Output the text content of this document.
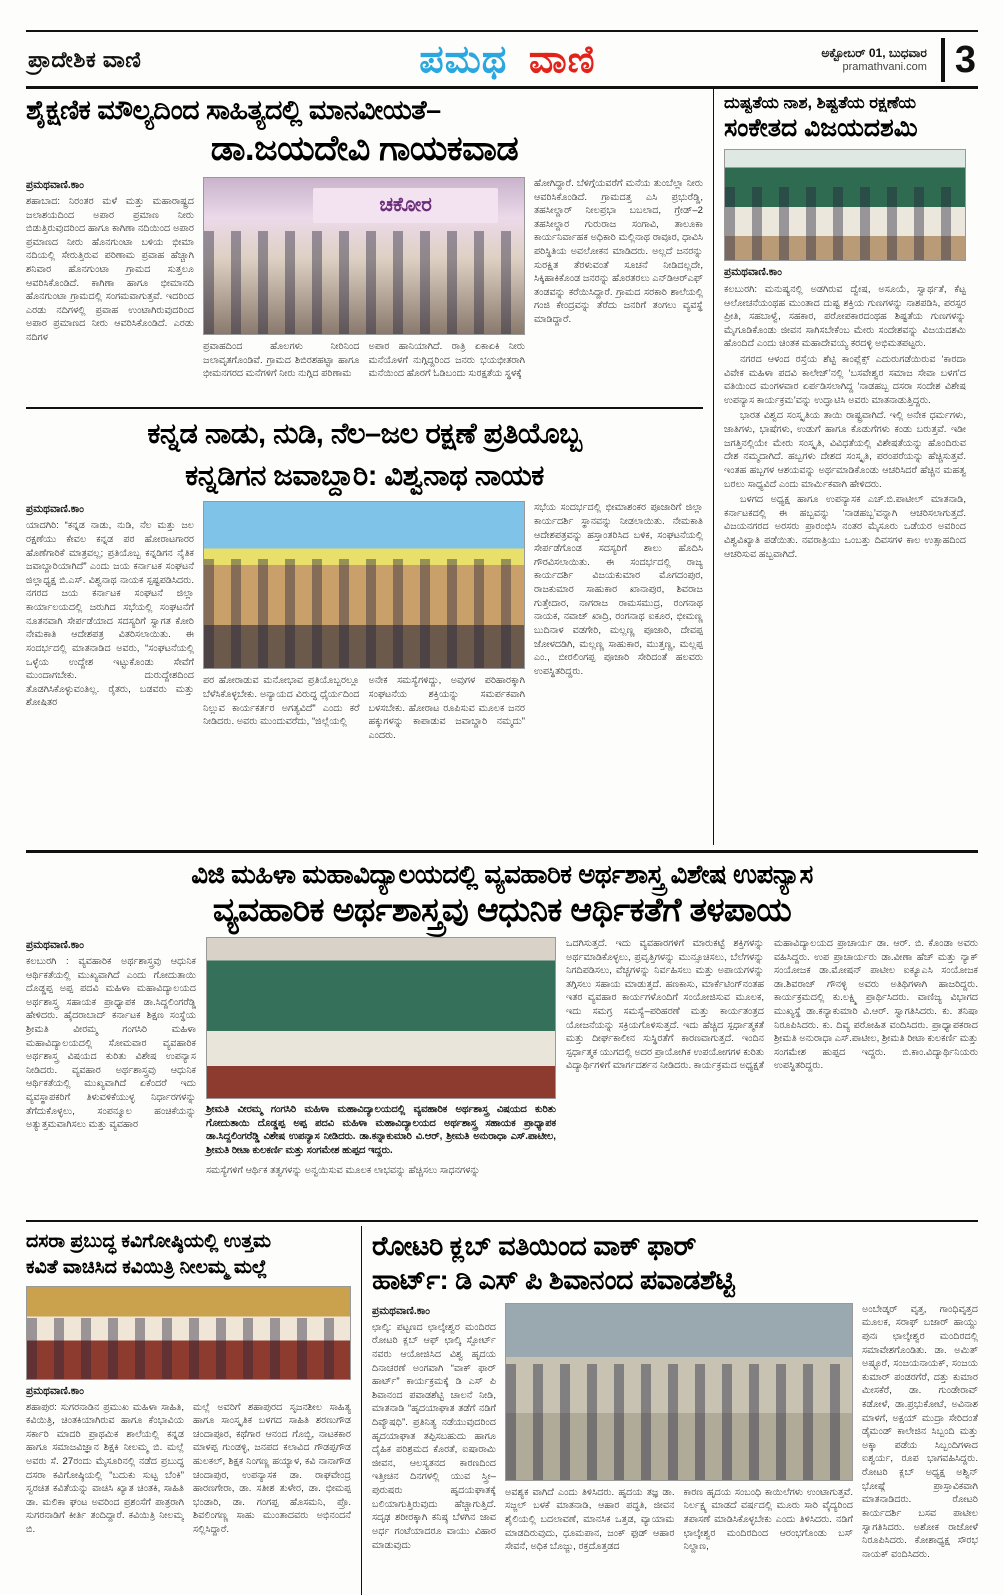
ಪ್ರಾದೇಶಿಕ ವಾಣಿ	ಪಮಥ ವಾಣಿ	ಅಕ್ಟೋಬರ್ 01, ಬುಧವಾರ
pramathvani.com 3
ಶೈಕ್ಷಣಿಕ ಮೌಲ್ಯದಿಂದ ಸಾಹಿತ್ಯದಲ್ಲಿ ಮಾನವೀಯತೆ–
ಡಾ.ಜಯದೇವಿ ಗಾಯಕವಾಡ
ಪ್ರಮಥವಾಣಿ.ಕಾಂ
ಶಹಾಬಾದ: ನಿರಂತರ ಮಳೆ ಮತ್ತು ಮಹಾರಾಷ್ಟ್ರದ ಜಲಾಶಯದಿಂದ ಅಪಾರ ಪ್ರಮಾಣ ನೀರು ಬಿಡುತ್ತಿರುವುದರಿಂದ ಹಾಗೂ ಕಾಗಿಣಾ ನದಿಯಿಂದ ಅಪಾರ ಪ್ರಮಾಣದ ನೀರು ಹೊನಗುಂಟಾ ಬಳಿಯ ಭೀಮಾ ನದಿಯಲ್ಲಿ ಸೇರುತ್ತಿರುವ ಪರಿಣಾಮ ಪ್ರವಾಹ ಹೆಚ್ಚಾಗಿ ಶನಿವಾರ ಹೊನಗುಂಟಾ ಗ್ರಾಮದ ಸುತ್ತಲೂ ಆವರಿಸಿಕೊಂಡಿದೆ. ಕಾಗಿಣಾ ಹಾಗೂ ಭೀಮಾನದಿ ಹೊನಗುಂಟಾ ಗ್ರಾಮದಲ್ಲಿ ಸಂಗಮವಾಗುತ್ತವೆ. ಇದರಿಂದ ಎರಡು ನದಿಗಳಲ್ಲಿ ಪ್ರವಾಹ ಉಂಟಾಗಿರುವುದರಿಂದ ಅಪಾರ ಪ್ರಮಾಣದ ನೀರು ಆವರಿಸಿಕೊಂಡಿದೆ. ಎರಡು ನದಿಗಳ
ಚಕೋರ
ಪ್ರವಾಹದಿಂದ ಹೊಲಗಳು ನೀರಿನಿಂದ ಜಲಾವೃತಗೊಂಡಿವೆ. ಗ್ರಾಮದ ಶಿಬಿರಶಹಟ್ಟಾ ಹಾಗೂ ಭೀಮನಗರದ ಮನೆಗಳಿಗೆ ನೀರು ನುಗ್ಗಿದ ಪರಿಣಾಮ
ಅಪಾರ ಹಾನಿಯಾಗಿದೆ. ರಾತ್ರಿ ಏಕಾಏಕಿ ನೀರು ಮನೆಯೊಳಗೆ ನುಗ್ಗಿದ್ದರಿಂದ ಜನರು ಭಯಭೀತರಾಗಿ ಮನೆಯಿಂದ ಹೊರಗೆ ಓಡಿಬಂದು ಸುರಕ್ಷತೆಯ ಸ್ಥಳಕ್ಕೆ
ಹೋಗಿದ್ದಾರೆ. ಬೆಳಿಗ್ಗೆಯವರೆಗೆ ಮನೆಯ ತುಂಬೆಲ್ಲಾ ನೀರು ಆವರಿಸಿಕೊಂಡಿದೆ. ಗ್ರಾಮದತ್ತ ಎಸಿ ಪ್ರಭುರೆಡ್ಡಿ, ತಹಸೀಲ್ದಾರ್ ನೀಲಪ್ರಭಾ ಬಬಲಾದ, ಗ್ರೇಡ್–2 ತಹಸೀಲ್ದಾರ ಗುರುರಾಜ ಸಂಗಾವಿ, ತಾಲೂಕಾ ಕಾರ್ಯನಿರ್ವಾಹಕ ಅಧಿಕಾರಿ ಮಲ್ಲಿನಾಥ ರಾವೂರ, ಧಾವಿಸಿ ಪರಿಸ್ಥಿತಿಯ ಅವಲೋಕನ ಮಾಡಿದರು. ಅಲ್ಲದೆ ಜನರನ್ನು ಸುರಕ್ಷಿತ ತೆರಳುವಂತೆ ಸೂಚನೆ ನೀಡಿದಲ್ಲದೇ, ಸಿಕ್ಕಿಹಾಕಿಕೊಂಡ ಜನರನ್ನು ಹೊರತರಲು ಎನ್‌ಡಿಆರ್‌ಎಫ್ ತಂಡವನ್ನು ಕರೆಯಿಸಿದ್ದಾರೆ. ಗ್ರಾಮದ ಸರಕಾರಿ ಶಾಲೆಯಲ್ಲಿ ಗಂಜಿ ಕೇಂದ್ರವನ್ನು ತೆರೆದು ಜನರಿಗೆ ತಂಗಲು ವ್ಯವಸ್ಥೆ ಮಾಡಿದ್ದಾರೆ.
ಕನ್ನಡ ನಾಡು, ನುಡಿ, ನೆಲ–ಜಲ ರಕ್ಷಣೆ ಪ್ರತಿಯೊಬ್ಬ
ಕನ್ನಡಿಗನ ಜವಾಬ್ದಾರಿ: ವಿಶ್ವನಾಥ ನಾಯಕ
ಪ್ರಮಥವಾಣಿ.ಕಾಂ
ಯಾದಗಿರಿ: “ಕನ್ನಡ ನಾಡು, ನುಡಿ, ನೆಲ ಮತ್ತು ಜಲ ರಕ್ಷಣೆಯು ಕೇವಲ ಕನ್ನಡ ಪರ ಹೋರಾಟಗಾರರ ಹೊಣೆಗಾರಿಕೆ ಮಾತ್ರವಲ್ಲ; ಪ್ರತಿಯೊಬ್ಬ ಕನ್ನಡಿಗನ ನೈತಿಕ ಜವಾಬ್ದಾರಿಯಾಗಿದೆ” ಎಂದು ಜಯ ಕರ್ನಾಟಕ ಸಂಘಟನೆ ಜಿಲ್ಲಾಧ್ಯಕ್ಷ ಬಿ.ಎಸ್. ವಿಶ್ವನಾಥ ನಾಯಕ ಸ್ಪಷ್ಟಪಡಿಸಿದರು. ನಗರದ ಜಯ ಕರ್ನಾಟಕ ಸಂಘಟನೆ ಜಿಲ್ಲಾ ಕಾರ್ಯಾಲಯದಲ್ಲಿ ಜರುಗಿದ ಸಭೆಯಲ್ಲಿ ಸಂಘಟನೆಗೆ ನೂತನವಾಗಿ ಸೇರ್ಪಡೆಯಾದ ಸದಸ್ಯರಿಗೆ ಸ್ವಾಗತ ಕೋರಿ ನೇಮಕಾತಿ ಆದೇಶಪತ್ರ ವಿತರಿಸಲಾಯಿತು. ಈ ಸಂದರ್ಭದಲ್ಲಿ ಮಾತನಾಡಿದ ಅವರು, “ಸಂಘಟನೆಯಲ್ಲಿ ಒಳ್ಳೆಯ ಉದ್ದೇಶ ಇಟ್ಟುಕೊಂಡು ಸೇವೆಗೆ ಮುಂದಾಗಬೇಕು. ದುರುದ್ದೇಶದಿಂದ ತೊಡಗಿಸಿಕೊಳ್ಳುವಂತಿಲ್ಲ. ರೈತರು, ಬಡವರು ಮತ್ತು ಶೋಷಿತರ
ಪರ ಹೋರಾಡುವ ಮನೋಭಾವ ಪ್ರತಿಯೊಬ್ಬರಲ್ಲೂ ಬೆಳೆಸಿಕೊಳ್ಳಬೇಕು. ಅನ್ಯಾಯದ ವಿರುದ್ಧ ಧೈರ್ಯದಿಂದ ನಿಲ್ಲುವ ಕಾರ್ಯಕರ್ತರ ಅಗತ್ಯವಿದೆ” ಎಂದು ಕರೆ ನೀಡಿದರು. ಅವರು ಮುಂದುವರೆದು, “ಜಿಲ್ಲೆಯಲ್ಲಿ
ಅನೇಕ ಸಮಸ್ಯೆಗಳಿದ್ದು, ಅವುಗಳ ಪರಿಹಾರಕ್ಕಾಗಿ ಸಂಘಟನೆಯ ಶಕ್ತಿಯನ್ನು ಸಮರ್ಪಕವಾಗಿ ಬಳಸಬೇಕು. ಹೋರಾಟ ರೂಪಿಸುವ ಮೂಲಕ ಜನರ ಹಕ್ಕುಗಳನ್ನು ಕಾಪಾಡುವ ಜವಾಬ್ದಾರಿ ನಮ್ಮದು” ಎಂದರು.
ಸಭೆಯ ಸಂದರ್ಭದಲ್ಲಿ ಭೀಮಾಶಂಕರ ಪೂಜಾರಿಗೆ ಜಿಲ್ಲಾ ಕಾರ್ಯದರ್ಶಿ ಸ್ಥಾನವನ್ನು ನೀಡಲಾಯಿತು. ನೇಮಕಾತಿ ಆದೇಶಪತ್ರವನ್ನು ಹಸ್ತಾಂತರಿಸಿದ ಬಳಿಕ, ಸಂಘಟನೆಯಲ್ಲಿ ಸೇರ್ಪಡೆಗೊಂಡ ಸದಸ್ಯರಿಗೆ ಶಾಲು ಹೊದಿಸಿ ಗೌರವಿಸಲಾಯಿತು. ಈ ಸಂದರ್ಭದಲ್ಲಿ ರಾಜ್ಯ ಕಾರ್ಯದರ್ಶಿ ವಿಜಯಕುಮಾರ ಮೊಗದಂಪುರ, ರಾಜಕುಮಾರ ಸಾಹುಕಾರ ಖಾನಾಪುರ, ಶಿವರಾಜ ಗುತ್ತೇದಾರ, ನಾಗರಾಜ ರಾಮಸಮುದ್ರ, ರಂಗನಾಥ ನಾಯಕ, ನವಾಜ್ ಖಾದ್ರಿ, ರಂಗನಾಥ ಐಕೂರ, ಭೀಮಣ್ಣ ಬುದಿನಾಳ ವಡಗೇರಿ, ಮಲ್ಲಣ್ಣ ಪೂಜಾರಿ, ದೇವಪ್ಪ ಜೋಳದಡಿಗಿ, ಮಲ್ಲಣ್ಣ ಸಾಹುಕಾರ, ಮುತ್ತಣ್ಣ, ಮಲ್ಲಪ್ಪ ಎಂ., ಬೀರಲಿಂಗಪ್ಪ ಪೂಜಾರಿ ಸೇರಿದಂತೆ ಹಲವರು ಉಪಸ್ಥಿತರಿದ್ದರು.
ದುಷ್ಟತೆಯ ನಾಶ, ಶಿಷ್ಟತೆಯ ರಕ್ಷಣೆಯ
ಸಂಕೇತದ ವಿಜಯದಶಮಿ
ಪ್ರಮಥವಾಣಿ.ಕಾಂ

ಕಲಬುರಗಿ: ಮನುಷ್ಯನಲ್ಲಿ ಅಡಗಿರುವ ದ್ವೇಷ, ಅಸೂಯೆ, ಸ್ವಾರ್ಥತೆ, ಕೆಟ್ಟ ಆಲೋಚನೆಯಂಥಹ ಮುಂತಾದ ದುಷ್ಟ ಶಕ್ತಿಯ ಗುಣಗಳನ್ನು ನಾಶಪಡಿಸಿ, ಪರಸ್ಪರ ಪ್ರೀತಿ, ಸಹಬಾಳ್ವೆ, ಸಹಕಾರ, ಪರೋಪಕಾರದಂಥಹ ಶಿಷ್ಟತೆಯ ಗುಣಗಳನ್ನು ಮೈಗೂಡಿಕೊಂಡು ಜೀವನ ಸಾಗಿಸಬೇಕೆಂಬ ಮೇರು ಸಂದೇಶವನ್ನು ವಿಜಯದಶಮಿ ಹೊಂದಿದೆ ಎಂದು ಚಿಂತಕ ಮಹಾದೇವಯ್ಯ ಕರದಳ್ಳಿ ಅಭಿಮತಪಟ್ಟರು.

ನಗರದ ಆಳಂದ ರಸ್ತೆಯ ಶೆಟ್ಟಿ ಕಾಂಪ್ಲೆಕ್ಸ್ ಎದುರುಗಡೆಯಿರುವ ‘ಕಾರದಾ ವಿವೇಕ ಮಹಿಳಾ ಪದವಿ ಕಾಲೇಜ್’ನಲ್ಲಿ ‘ಬಸವೇಶ್ವರ ಸಮಾಜ ಸೇವಾ ಬಳಗ’ದ ವತಿಯಿಂದ ಮಂಗಳವಾರ ಏರ್ಪಡಿಸಲಾಗಿದ್ದ ‘ನಾಡಹಬ್ಬ ದಸರಾ ಸಂದೇಶ ವಿಶೇಷ ಉಪನ್ಯಾಸ ಕಾರ್ಯಕ್ರಮ’ವನ್ನು ಉದ್ಘಾಟಿಸಿ ಅವರು ಮಾತನಾಡುತ್ತಿದ್ದರು.

ಭಾರತ ವಿಶ್ವದ ಸಂಸ್ಕೃತಿಯ ತಾಯಿ ರಾಷ್ಟ್ರವಾಗಿದೆ. ಇಲ್ಲಿ ಅನೇಕ ಧರ್ಮಗಳು, ಜಾತಿಗಳು, ಭಾಷೆಗಳು, ಉಡುಗೆ ಹಾಗೂ ಕೊಡುಗೆಗಳು ಕಂಡು ಬರುತ್ತವೆ. ಇಡೀ ಜಗತ್ತಿನಲ್ಲಿಯೇ ಮೇರು ಸಂಸ್ಕೃತಿ, ವಿವಿಧತೆಯಲ್ಲಿ ವಿಶೇಷತೆಯನ್ನು ಹೊಂದಿರುವ ದೇಶ ನಮ್ಮದಾಗಿದೆ. ಹಬ್ಬಗಳು ದೇಶದ ಸಂಸ್ಕೃತಿ, ಪರಂಪರೆಯನ್ನು ಹೆಚ್ಚಿಸುತ್ತವೆ. ಇಂತಹ ಹಬ್ಬಗಳ ಆಶಯವನ್ನು ಅರ್ಥಮಾಡಿಕೊಂಡು ಆಚರಿಸಿದರೆ ಹೆಚ್ಚಿನ ಮಹತ್ವ ಬರಲು ಸಾಧ್ಯವಿದೆ ಎಂದು ಮಾರ್ಮಿಕವಾಗಿ ಹೇಳಿದರು.

ಬಳಗದ ಅಧ್ಯಕ್ಷ ಹಾಗೂ ಉಪನ್ಯಾಸಕ ಎಚ್.ಬಿ.ಪಾಟೀಲ್ ಮಾತನಾಡಿ, ಕರ್ನಾಟಕದಲ್ಲಿ ಈ ಹಬ್ಬವನ್ನು ‘ನಾಡಹಬ್ಬ’ವನ್ನಾಗಿ ಆಚರಿಸಲಾಗುತ್ತದೆ. ವಿಜಯನಗರದ ಅರಸರು ಪ್ರಾರಂಭಿಸಿ ನಂತರ ಮೈಸೂರು ಒಡೆಯರ ಅವರಿಂದ ವಿಶ್ವವಿಖ್ಯಾತಿ ಪಡೆಯಿತು. ನವರಾತ್ರಿಯು ಒಂಬತ್ತು ದಿವಸಗಳ ಕಾಲ ಉತ್ಸಾಹದಿಂದ ಆಚರಿಸುವ ಹಬ್ಬವಾಗಿದೆ.

ವಿಜಿ ಮಹಿಳಾ ಮಹಾವಿದ್ಯಾಲಯದಲ್ಲಿ ವ್ಯವಹಾರಿಕ ಅರ್ಥಶಾಸ್ತ್ರ ವಿಶೇಷ ಉಪನ್ಯಾಸ
ವ್ಯವಹಾರಿಕ ಅರ್ಥಶಾಸ್ತ್ರವು ಆಧುನಿಕ ಆರ್ಥಿಕತೆಗೆ ತಳಪಾಯ
ಪ್ರಮಥವಾಣಿ.ಕಾಂ
ಕಲಬುರಗಿ : ವ್ಯವಹಾರಿಕ ಅರ್ಥಶಾಸ್ತ್ರವು ಆಧುನಿಕ ಆರ್ಥಿಕತೆಯಲ್ಲಿ ಮುಖ್ಯವಾಗಿದೆ ಎಂದು ಗೋದುತಾಯಿ ದೊಡ್ಡಪ್ಪ ಅಪ್ಪ ಪದವಿ ಮಹಿಳಾ ಮಹಾವಿದ್ಯಾಲಯದ ಅರ್ಥಶಾಸ್ತ್ರ ಸಹಾಯಕ ಪ್ರಾಧ್ಯಾಪಕ ಡಾ.ಸಿದ್ದಲಿಂಗರೆಡ್ಡಿ ಹೇಳಿದರು. ಹೈದರಾಬಾದ್ ಕರ್ನಾಟಕ ಶಿಕ್ಷಣ ಸಂಸ್ಥೆಯ ಶ್ರೀಮತಿ ವೀರಮ್ಮ ಗಂಗಸಿರಿ ಮಹಿಳಾ ಮಹಾವಿದ್ಯಾಲಯದಲ್ಲಿ ಸೋಮವಾರ ವ್ಯವಹಾರಿಕ ಅರ್ಥಶಾಸ್ತ್ರ ವಿಷಯದ ಕುರಿತು ವಿಶೇಷ ಉಪನ್ಯಾಸ ನೀಡಿದರು. ವ್ಯವಹಾರ ಅರ್ಥಶಾಸ್ತ್ರವು ಆಧುನಿಕ ಆರ್ಥಿಕತೆಯಲ್ಲಿ ಮುಖ್ಯವಾಗಿದೆ ಏಕೆಂದರೆ ಇದು ವ್ಯವಸ್ಥಾಪಕರಿಗೆ ತಿಳುವಳಿಕೆಯುಳ್ಳ ನಿರ್ಧಾರಗಳನ್ನು ತೆಗೆದುಕೊಳ್ಳಲು, ಸಂಪನ್ಮೂಲ ಹಂಚಿಕೆಯನ್ನು ಅತ್ಯುತ್ತಮವಾಗಿಸಲು ಮತ್ತು ವ್ಯವಹಾರ
ಶ್ರೀಮತಿ ವೀರಮ್ಮ ಗಂಗಸಿರಿ ಮಹಿಳಾ ಮಹಾವಿದ್ಯಾಲಯದಲ್ಲಿ ವ್ಯವಹಾರಿಕ ಅರ್ಥಶಾಸ್ತ್ರ ವಿಷಯದ ಕುರಿತು ಗೋದುತಾಯಿ ದೊಡ್ಡಪ್ಪ ಅಪ್ಪ ಪದವಿ ಮಹಿಳಾ ಮಹಾವಿದ್ಯಾಲಯದ ಅರ್ಥಶಾಸ್ತ್ರ ಸಹಾಯಕ ಪ್ರಾಧ್ಯಾಪಕ ಡಾ.ಸಿದ್ದಲಿಂಗರೆಡ್ಡಿ ವಿಶೇಷ ಉಪನ್ಯಾಸ ನೀಡಿದರು. ಡಾ.ಕನ್ನಾಕುಮಾರಿ ವಿ.ಆರ್, ಶ್ರೀಮತಿ ಅನುರಾಧಾ ಎಸ್.ಪಾಟೀಲ, ಶ್ರೀಮತಿ ರೀಟಾ ಕುಲಕರ್ಣಿ ಮತ್ತು ಸಂಗಮೇಶ ಹುಪ್ಪದ ಇದ್ದರು.
ಸಮಸ್ಯೆಗಳಿಗೆ ಆರ್ಥಿಕ ತತ್ವಗಳನ್ನು ಅನ್ವಯಿಸುವ ಮೂಲಕ ಲಾಭವನ್ನು ಹೆಚ್ಚಿಸಲು ಸಾಧನಗಳನ್ನು
ಒದಗಿಸುತ್ತದೆ. ಇದು ವ್ಯವಹಾರಗಳಿಗೆ ಮಾರುಕಟ್ಟೆ ಶಕ್ತಿಗಳನ್ನು ಅರ್ಥಮಾಡಿಕೊಳ್ಳಲು, ಪ್ರವೃತ್ತಿಗಳನ್ನು ಮುನ್ಸೂಚಿಸಲು, ಬೆಲೆಗಳನ್ನು ನಿಗದಿಪಡಿಸಲು, ವೆಚ್ಚಗಳನ್ನು ನಿರ್ವಹಿಸಲು ಮತ್ತು ಅಪಾಯಗಳನ್ನು ತಗ್ಗಿಸಲು ಸಹಾಯ ಮಾಡುತ್ತದೆ. ಹಣಕಾಸು, ಮಾರ್ಕೆಟಿಂಗ್‌ನಂತಹ ಇತರ ವ್ಯವಹಾರ ಕಾರ್ಯಗಳೊಂದಿಗೆ ಸಂಯೋಜಿಸುವ ಮೂಲಕ, ಇದು ಸಮಗ್ರ ಸಮಸ್ಯೆ–ಪರಿಹರಣೆ ಮತ್ತು ಕಾರ್ಯತಂತ್ರದ ಯೋಜನೆಯನ್ನು ಸಕ್ರಿಯಗೊಳಿಸುತ್ತದೆ. ಇದು ಹೆಚ್ಚಿದ ಸ್ಪರ್ಧಾತ್ಮಕತೆ ಮತ್ತು ದೀರ್ಘಕಾಲೀನ ಸುಸ್ಥಿರತೆಗೆ ಕಾರಣವಾಗುತ್ತದೆ. ಇಂದಿನ ಸ್ಪರ್ಧಾತ್ಮಕ ಯುಗದಲ್ಲಿ ಅದರ ಪ್ರಾಯೋಗಿಕ ಉಪಯೋಗಗಳ ಕುರಿತು ವಿದ್ಯಾರ್ಥಿಗಳಿಗೆ ಮಾರ್ಗದರ್ಶನ ನೀಡಿದರು. ಕಾರ್ಯಕ್ರಮದ ಅಧ್ಯಕ್ಷತೆ
ಮಹಾವಿದ್ಯಾಲಯದ ಪ್ರಾಚಾರ್ಯ ಡಾ. ಆರ್. ಬಿ. ಕೊಂಡಾ ಅವರು ವಹಿಸಿದ್ದರು. ಉಪ ಪ್ರಾಚಾರ್ಯರು ಡಾ.ವೀಣಾ ಹೆಚ್ ಮತ್ತು ನ್ಯಾಕ್ ಸಂಯೋಜಕ ಡಾ.ಮೋಷನ್ ಪಾಟೀಲ ಐಕ್ಯೂಎಸಿ ಸಂಯೋಜಕ ಡಾ.ಶಿವರಾಜ್ ಗೌನಳ್ಳಿ ಅವರು ಅತಿಥಿಗಳಾಗಿ ಹಾಜರಿದ್ದರು. ಕಾರ್ಯಕ್ರಮದಲ್ಲಿ ಕು.ಲಕ್ಷ್ಮಿ ಪ್ರಾರ್ಥಿಸಿದರು. ವಾಣಿಜ್ಯ ವಿಭಾಗದ ಮುಖ್ಯಸ್ಥೆ ಡಾ.ಕನ್ಯಾಕುಮಾರಿ ವಿ.ಆರ್. ಸ್ವಾಗತಿಸಿದರು. ಕು. ತನಿಷಾ ನಿರೂಪಿಸಿದರು. ಕು. ದಿವ್ಯ ಪರೋಹಿತ ವಂದಿಸಿದರು. ಪ್ರಾಧ್ಯಾಪಕರಾದ ಶ್ರೀಮತಿ ಅನುರಾಧಾ ಎಸ್.ಪಾಟೀಲ, ಶ್ರೀಮತಿ ರೀಟಾ ಕುಲಕರ್ಣಿ ಮತ್ತು ಸಂಗಮೇಶ ಹುಪ್ಪದ ಇದ್ದರು. ಬಿ.ಕಾಂ.ವಿದ್ಯಾರ್ಥಿನಿಯರು ಉಪಸ್ಥಿತರಿದ್ದರು.
ದಸರಾ ಪ್ರಬುದ್ಧ ಕವಿಗೋಷ್ಠಿಯಲ್ಲಿ ಉತ್ತಮ
ಕವಿತೆ ವಾಚಿಸಿದ ಕವಿಯಿತ್ರಿ ನೀಲಮ್ಮ ಮಲ್ಲೆ
ಪ್ರಮಥವಾಣಿ.ಕಾಂ
ಶಹಾಪುರ: ಸುಗರನಾಡಿನ ಪ್ರಮುಖ ಮಹಿಳಾ ಸಾಹಿತಿ, ಕವಿಯಿತ್ರಿ, ಚಿಂತಕಿಯಾಗಿರುವ ಹಾಗೂ ಕೆಂಭಾವಿಯ ಸರ್ಕಾರಿ ಮಾದರಿ ಪ್ರಾಥಮಿಕ ಶಾಲೆಯಲ್ಲಿ ಕನ್ನಡ ಹಾಗೂ ಸಮಾಜವಿಜ್ಞಾನ ಶಿಕ್ಷಕಿ ನೀಲಮ್ಮ ಬಿ. ಮಲ್ಲೆ ಅವರು ಸೆ. 27ರಂದು ಮೈಸೂರಿನಲ್ಲಿ ನಡೆದ ಪ್ರಬುದ್ಧ ದಸರಾ ಕವಿಗೋಷ್ಠಿಯಲ್ಲಿ “ಬದುಕು ಸುಟ್ಟ ಬೆಂಕಿ” ಸ್ವರಚಿತ ಕವಿತೆಯನ್ನು ವಾಚಿಸಿ ಖ್ಯಾತ ಚಿಂತಕಿ, ಸಾಹಿತಿ ಡಾ. ಮಲಿಕಾ ಘಂಟ ಅವರಿಂದ ಪ್ರಶಂಸೆಗೆ ಪಾತ್ರರಾಗಿ ಸುಗರನಾಡಿಗೆ ಕೀರ್ತಿ ತಂದಿದ್ದಾರೆ. ಕವಿಯಿತ್ರಿ ನೀಲಮ್ಮ ಬಿ.
ಮಲ್ಲೆ ಅವರಿಗೆ ಶಹಾಪುರದ ಸೃಜನಶೀಲ ಸಾಹಿತ್ಯ ಹಾಗೂ ಸಾಂಸ್ಕೃತಿಕ ಬಳಗದ ಸಾಹಿತಿ ಶರಣುಗೌಡ ಚಂದಾಪೂರ, ಕಥೆಗಾರ ಆನಂದ ಗೊಬ್ಬಿ, ನಾಟಕಕಾರ ಮಾಳಪ್ಪ ಗುಂಡಳ್ಳಿ, ಜನಪದ ಕಲಾವಿದ ಗೌಡಪ್ಪಗೌಡ ಹುಲಕಲ್, ಶಿಕ್ಷಕ ನಿಂಗಣ್ಣ ಹಯ್ಯಾಳ, ಕವಿ ನಾನಾಗೌಡ ಚಂದಾಪುರ, ಉಪನ್ಯಾಸಕ ಡಾ. ರಾಘವೇಂದ್ರ ಹಾರಣಗೇರಾ, ಡಾ. ಸತೀಶ ತುಳೇರ, ಡಾ. ಭೀಮಪ್ಪ ಭಂಡಾರಿ, ಡಾ. ಗಂಗಪ್ಪ ಹೊಸಮನಿ, ಪ್ರೊ. ಶಿವಲಿಂಗಣ್ಣ ಸಾಹು ಮುಂತಾದವರು ಅಭಿನಂದನೆ ಸಲ್ಲಿಸಿದ್ದಾರೆ.
ರೋಟರಿ ಕ್ಲಬ್ ವತಿಯಿಂದ ವಾಕ್ ಫಾರ್
ಹಾರ್ಟ್: ಡಿ ಎಸ್ ಪಿ ಶಿವಾನಂದ ಪವಾಡಶೆಟ್ಟಿ
ಪ್ರಮಥವಾಣಿ.ಕಾಂ
ಛಾಲ್ಕಿ: ಪಟ್ಟಣದ ಛಾಲ್ಕೇಶ್ವರ ಮಂದಿರದ ರೋಟರಿ ಕ್ಲಬ್ ಆಫ್ ಛಾಲ್ಕಿ ಸ್ಪೋರ್ಟ್ ನವರು ಆಯೋಜಿಸಿದ ವಿಶ್ವ ಹೃದಯ ದಿನಾಚರಣೆ ಅಂಗವಾಗಿ “ವಾಕ್ ಫಾರ್ ಹಾರ್ಟ್” ಕಾರ್ಯಕ್ರಮಕ್ಕೆ ಡಿ ಎಸ್ ಪಿ ಶಿವಾನಂದ ಪವಾಡಶೆಟ್ಟಿ ಚಾಲನೆ ನೀಡಿ, ಮಾತನಾಡಿ “ಹೃದಯಾಘಾತ ತಡೆಗೆ ನಡಿಗೆ ದಿವ್ಯೌಷಧಿ”. ಪ್ರತಿನಿತ್ಯ ನಡೆಯುವುದರಿಂದ ಹೃದಯಾಘಾತ ತಪ್ಪಿಸಬಹುದು ಹಾಗೂ ದೈಹಿಕ ಪರಿಶ್ರಮದ ಕೊರತೆ, ಐಷಾರಾಮಿ ಜೀವನ, ಆಲಸ್ಯತನದ ಕಾರಣದಿಂದ ಇತ್ತೀಚಿನ ದಿನಗಳಲ್ಲಿ ಯುವ ಸ್ತ್ರೀ–ಪುರುಷರು ಹೃದಯಘಾತಕ್ಕೆ ಬಲಿಯಾಗುತ್ತಿರುವುದು ಹೆಚ್ಚಾಗುತ್ತಿದೆ. ಸದೃಢ ಶರೀರಕ್ಕಾಗಿ ಕನಿಷ್ಠ ಬೆಳಗಿನ ಜಾವ ಅರ್ಧ ಗಂಟೆಯಾದರೂ ವಾಯು ವಿಹಾರ ಮಾಡುವುದು
ಅವಶ್ಯಕ ವಾಗಿದೆ ಎಂದು ತಿಳಿಸಿದರು. ಹೃದಯ ತಜ್ಞ ಡಾ. ಸಜ್ಜಲ್ ಬಳಕೆ ಮಾತನಾಡಿ, ಆಹಾರ ಪದ್ಧತಿ, ಜೀವನ ಶೈಲಿಯಲ್ಲಿ ಬದಲಾವಣೆ, ಮಾನಸಿಕ ಒತ್ತಡ, ವ್ಯಾಯಾಮ ಮಾಡದಿರುವುದು, ಧೂಮಪಾನ, ಜಂಕ್ ಫುಡ್ ಆಹಾರ ಸೇವನೆ, ಅಧಿಕ ಬೊಜ್ಜು, ರಕ್ತದೊತ್ತಡದ
ಕಾರಣ ಹೃದಯ ಸಂಬಂಧಿ ಕಾಯಿಲೆಗಳು ಉಂಟಾಗುತ್ತವೆ. ನಿರ್ಲಕ್ಷ್ಯ ಮಾಡದೆ ವರ್ಷದಲ್ಲಿ ಮೂರು ಸಾರಿ ವೈದ್ಯರಿಂದ ತಪಾಸಣೆ ಮಾಡಿಸಿಕೊಳ್ಳಬೇಕು ಎಂದು ತಿಳಿಸಿದರು. ನಡಿಗೆ ಛಾಲ್ಕೇಶ್ವರ ಮಂದಿರದಿಂದ ಆರಂಭಗೊಂಡು ಬಸ್ ನಿಲ್ದಾಣ,
ಅಂಬೇಡ್ಕರ್ ವೃತ್ತ, ಗಾಂಧಿವೃತ್ತದ ಮೂಲಕ, ಸರಾಫ್ ಬಜಾರ್ ಹಾಯ್ದು ಪುನಃ ಛಾಲ್ಕೇಶ್ವರ ಮಂದಿರದಲ್ಲಿ ಸಮಾವೇಶಗೊಂಡಿತು. ಡಾ. ಅಮಿತ್ ಅಷ್ಟೂರೆ, ಸಂಜಯನಾಯಕ್, ಸಂಜಯ ಕುಮಾರ್ ಪಂಡರಗೆರೆ, ದತ್ತು ಕುಮಾರ ಮೀಸಕೆರೆ, ಡಾ. ಗುಂಡೇರಾವ್ ಕಡೋಳೆ, ಡಾ.ಪ್ರಭುಕೋಟೆ, ಅವಿನಾಶ ಮಾಳಗೆ, ಅಕ್ಷಯ್ ಮುದ್ರಾ ಸೇರಿದಂತೆ ಡೈಮಂಡ್ ಕಾಲೇಜಿನ ಸಿಬ್ಬಂದಿ ಮತ್ತು ಅಕ್ಕಾ ಪಡೆಯ ಸಿಬ್ಬಂದಿಗಳಾದ ಐಶ್ವರ್ಯ, ರೂಪ ಭಾಗವಹಿಸಿದ್ದರು. ರೋಟರಿ ಕ್ಲಬ್ ಅಧ್ಯಕ್ಷ ಅಶ್ವಿನ್ ಭೋಷ್ಲೆ ಪ್ರಾಸ್ತಾವಿಕವಾಗಿ ಮಾತನಾಡಿದರು. ರೋಟರಿ ಕಾರ್ಯದರ್ಶಿ ಬಸವ ಪಾಟೀಲ ಸ್ವಾಗತಿಸಿದರು. ಅಶೋಕ ರಾಜೋಳೆ ನಿರೂಪಿಸಿದರು. ಕೋಶಾಧ್ಯಕ್ಷ ಸೌರಭ ನಾಯಕ್ ವಂದಿಸಿದರು.
